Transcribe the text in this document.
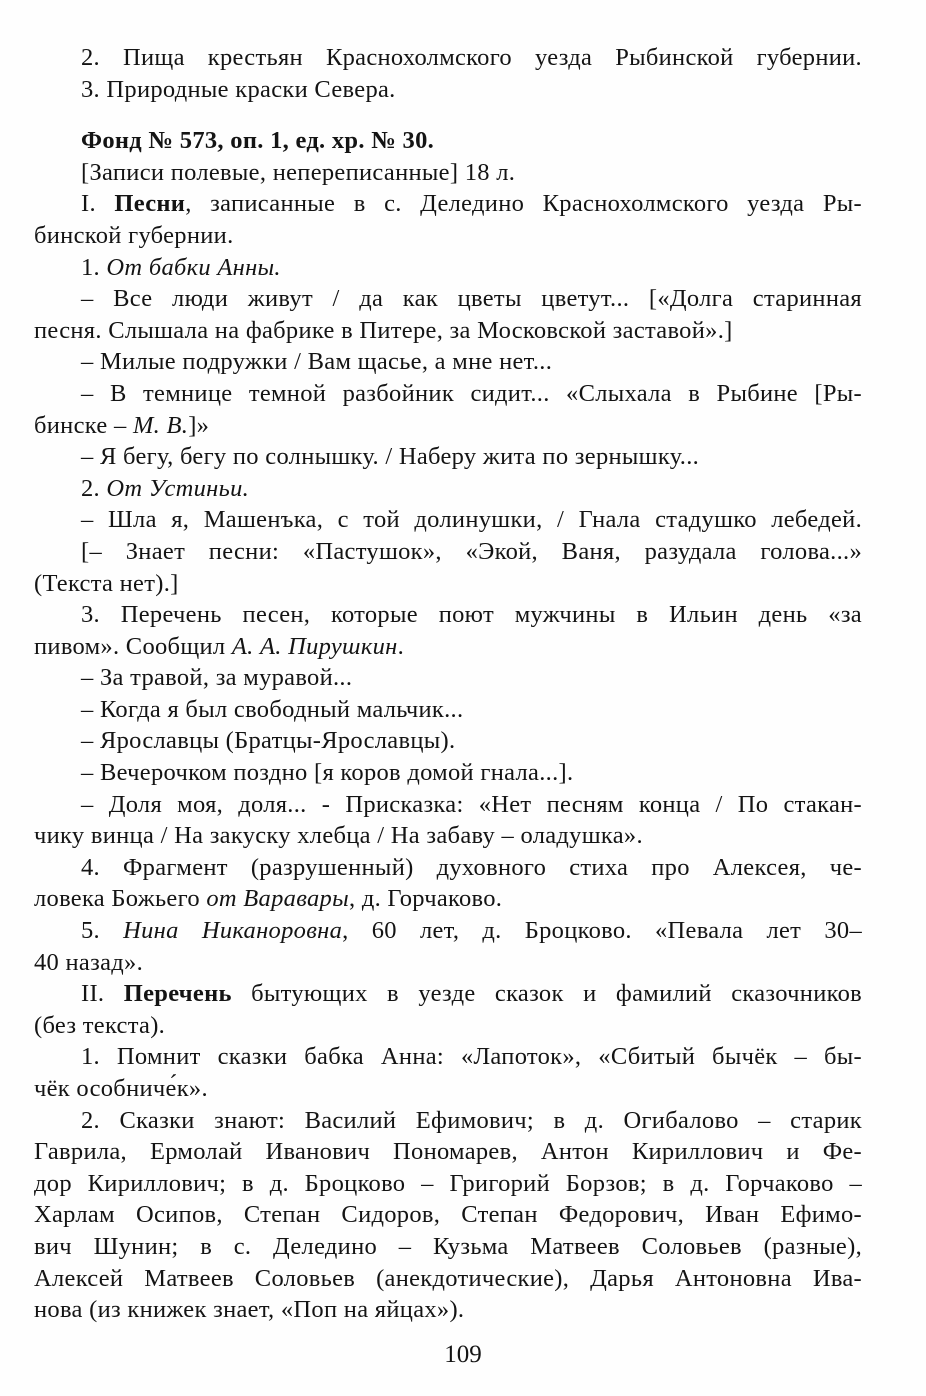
2. Пища крестьян Краснохолмского уезда Рыбинской губернии.
3. Природные краски Севера.
Фонд № 573, оп. 1, ед. хр. № 30.
[Записи полевые, непереписанные] 18 л.
I. Песни, записанные в с. Деледино Краснохолмского уезда Ры-
бинской губернии.
1. От бабки Анны.
– Все люди живут / да как цветы цветут... [«Долга старинная
песня. Слышала на фабрике в Питере, за Московской заставой».]
– Милые подружки / Вам щасье, а мне нет...
– В темнице темной разбойник сидит... «Слыхала в Рыбине [Ры-
бинске – М. В.]»
– Я бегу, бегу по солнышку. / Наберу жита по зернышку...
2. От Устиньи.
– Шла я, Машенъка, с той долинушки, / Гнала стадушко лебедей.
[– Знает песни: «Пастушок», «Экой, Ваня, разудала голова...»
(Текста нет).]
3. Перечень песен, которые поют мужчины в Ильин день «за
пивом». Сообщил А. А. Пирушкин.
– За травой, за муравой...
– Когда я был свободный мальчик...
– Ярославцы (Братцы-Ярославцы).
– Вечерочком поздно [я коров домой гнала...].
– Доля моя, доля... - Присказка: «Нет песням конца / По стакан-
чику винца / На закуску хлебца / На забаву – оладушка».
4. Фрагмент (разрушенный) духовного стиха про Алексея, че-
ловека Божьего от Варавары, д. Горчаково.
5. Нина Никаноровна, 60 лет, д. Броцково. «Певала лет 30–
40 назад».
II. Перечень бытующих в уезде сказок и фамилий сказочников
(без текста).
1. Помнит сказки бабка Анна: «Лапоток», «Сбитый бычёк – бы-
чёк особниче́к».
2. Сказки знают: Василий Ефимович; в д. Огибалово – старик
Гаврила, Ермолай Иванович Пономарев, Антон Кириллович и Фе-
дор Кириллович; в д. Броцково – Григорий Борзов; в д. Горчаково –
Харлам Осипов, Степан Сидоров, Степан Федорович, Иван Ефимо-
вич Шунин; в с. Деледино – Кузьма Матвеев Соловьев (разные),
Алексей Матвеев Соловьев (анекдотические), Дарья Антоновна Ива-
нова (из книжек знает, «Поп на яйцах»).
109
